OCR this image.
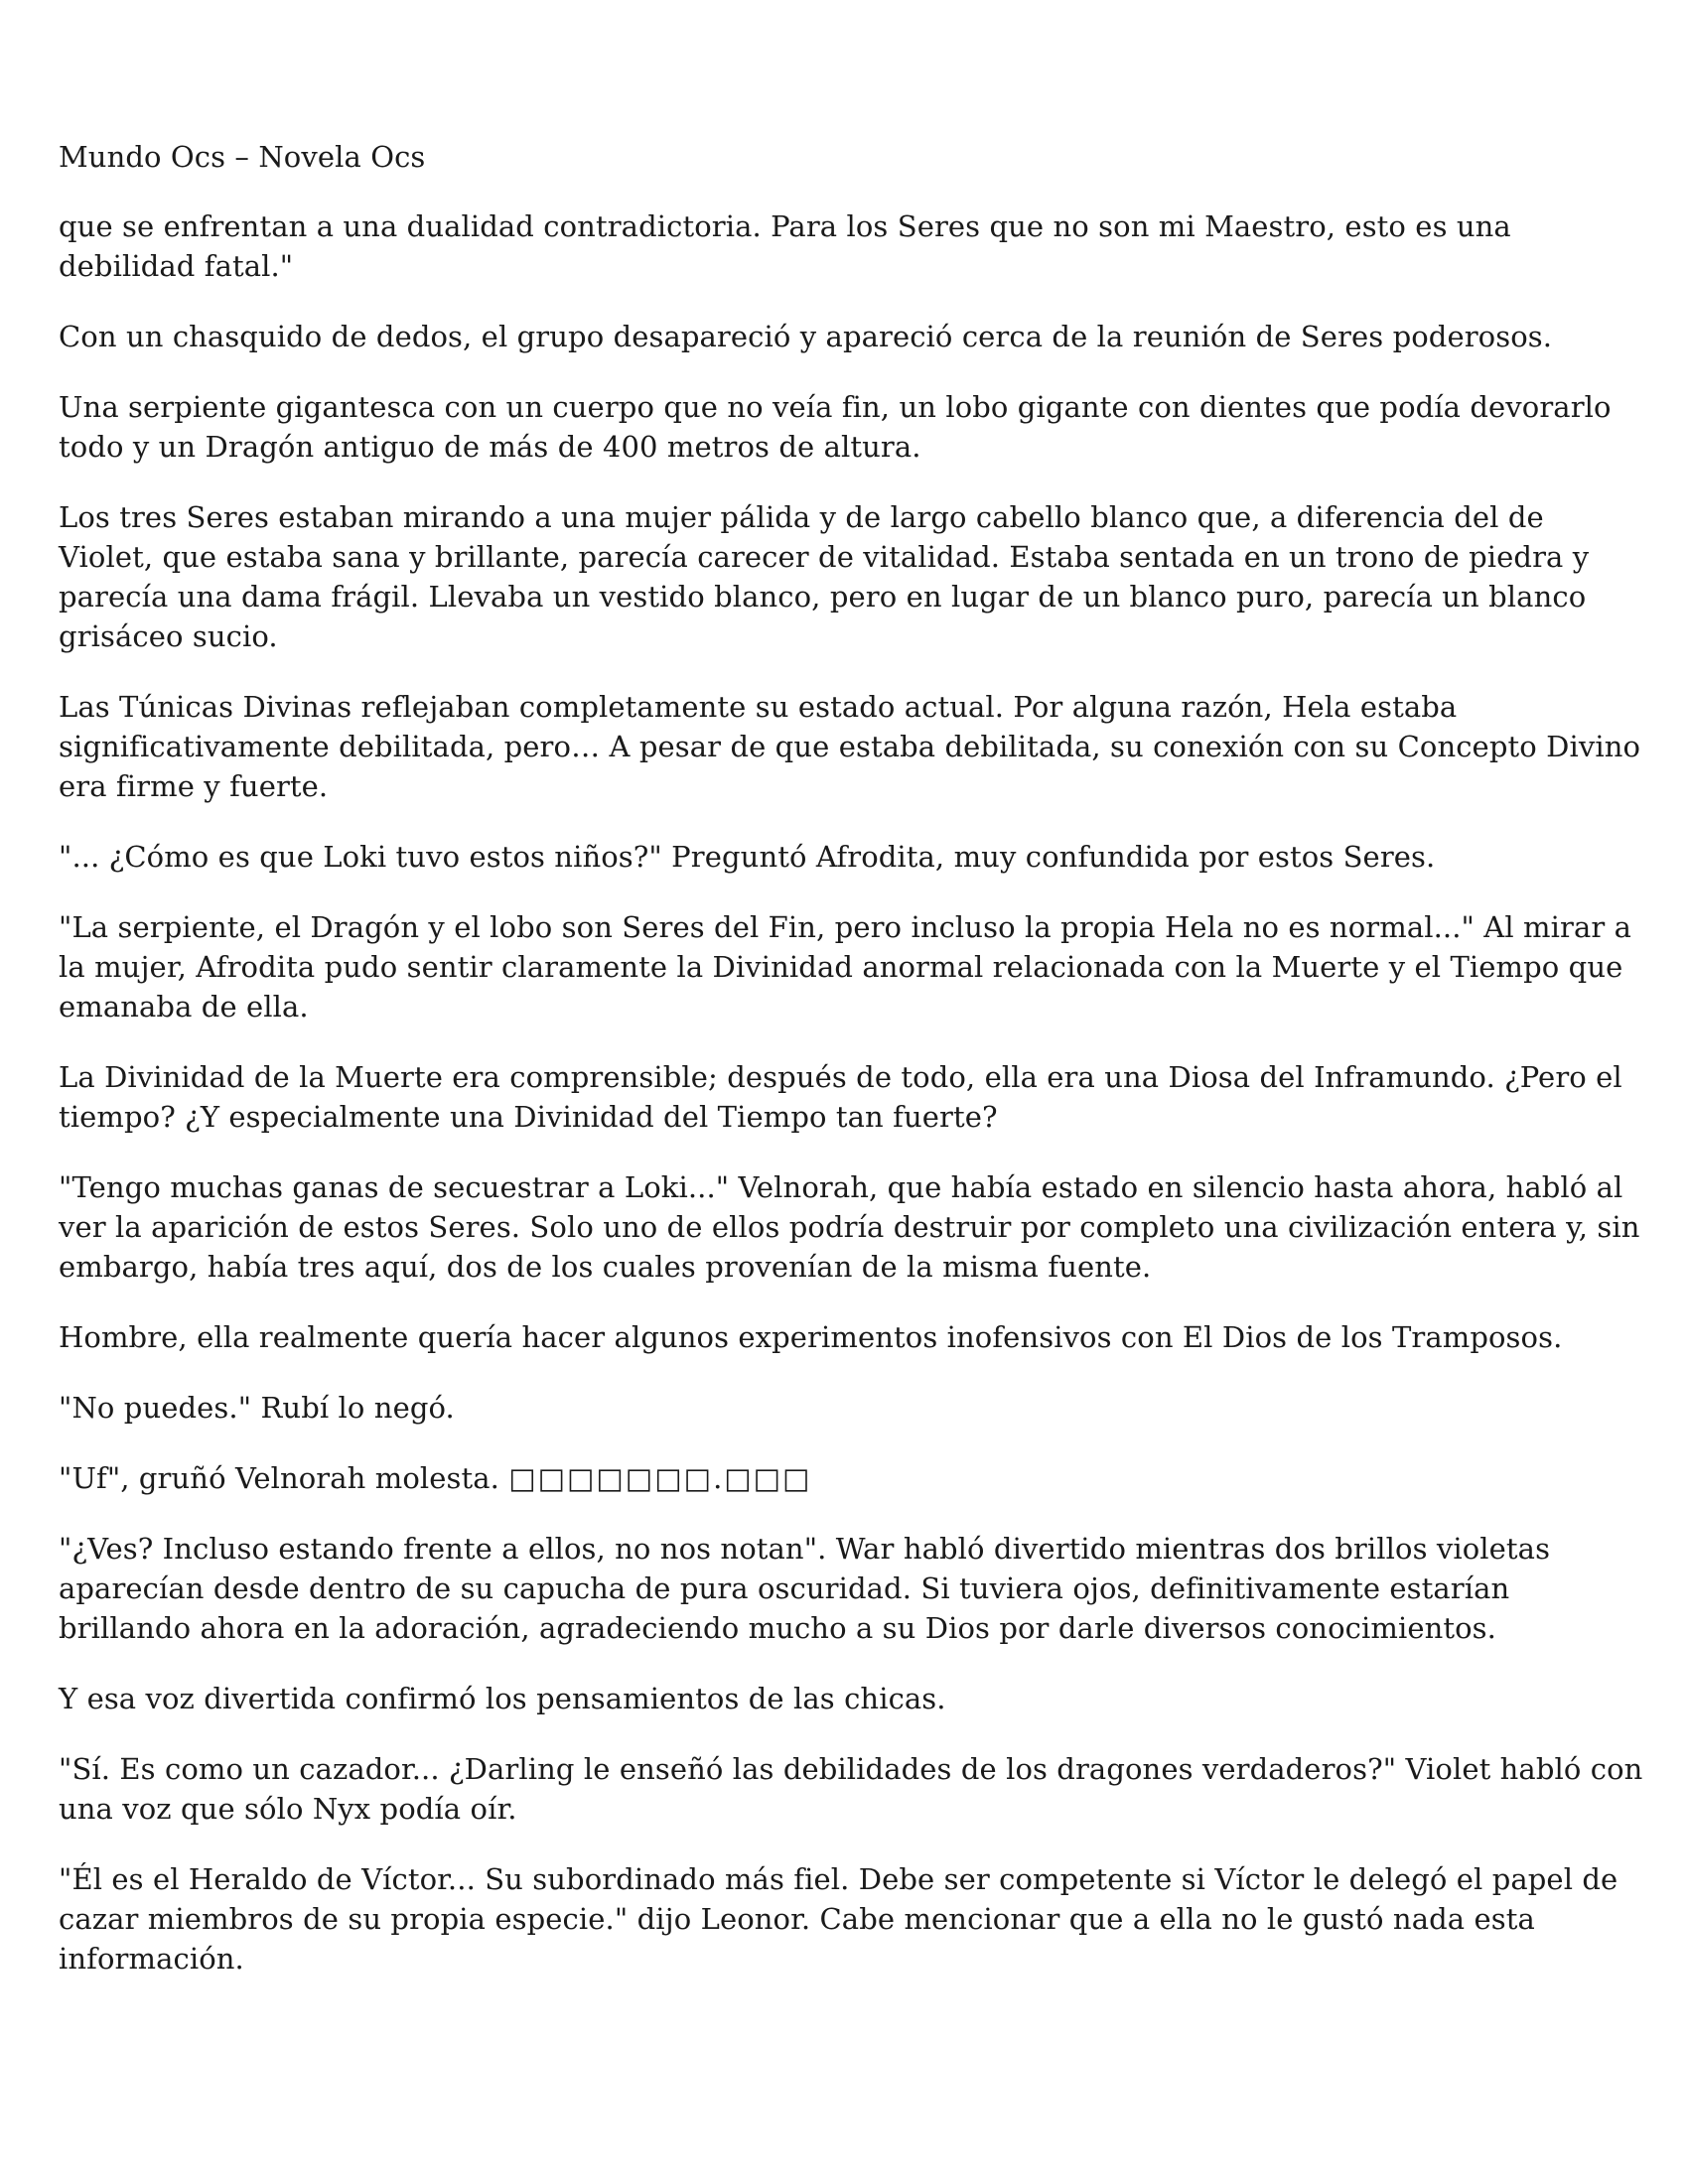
Mundo Ocs – Novela Ocs

que se enfrentan a una dualidad contradictoria. Para los Seres que no son mi Maestro, esto es una debilidad fatal."

Con un chasquido de dedos, el grupo desapareció y apareció cerca de la reunión de Seres poderosos.

Una serpiente gigantesca con un cuerpo que no veía fin, un lobo gigante con dientes que podía devorarlo todo y un Dragón antiguo de más de 400 metros de altura.

Los tres Seres estaban mirando a una mujer pálida y de largo cabello blanco que, a diferencia del de Violet, que estaba sana y brillante, parecía carecer de vitalidad. Estaba sentada en un trono de piedra y parecía una dama frágil. Llevaba un vestido blanco, pero en lugar de un blanco puro, parecía un blanco grisáceo sucio.

Las Túnicas Divinas reflejaban completamente su estado actual. Por alguna razón, Hela estaba significativamente debilitada, pero… A pesar de que estaba debilitada, su conexión con su Concepto Divino era firme y fuerte.

"... ¿Cómo es que Loki tuvo estos niños?" Preguntó Afrodita, muy confundida por estos Seres.

"La serpiente, el Dragón y el lobo son Seres del Fin, pero incluso la propia Hela no es normal..." Al mirar a la mujer, Afrodita pudo sentir claramente la Divinidad anormal relacionada con la Muerte y el Tiempo que emanaba de ella.

La Divinidad de la Muerte era comprensible; después de todo, ella era una Diosa del Inframundo. ¿Pero el tiempo? ¿Y especialmente una Divinidad del Tiempo tan fuerte?

"Tengo muchas ganas de secuestrar a Loki..." Velnorah, que había estado en silencio hasta ahora, habló al ver la aparición de estos Seres. Solo uno de ellos podría destruir por completo una civilización entera y, sin embargo, había tres aquí, dos de los cuales provenían de la misma fuente.

Hombre, ella realmente quería hacer algunos experimentos inofensivos con El Dios de los Tramposos.

"No puedes." Rubí lo negó.

"Uf", gruñó Velnorah molesta. □□□□□□□.□□□

"¿Ves? Incluso estando frente a ellos, no nos notan". War habló divertido mientras dos brillos violetas aparecían desde dentro de su capucha de pura oscuridad. Si tuviera ojos, definitivamente estarían brillando ahora en la adoración, agradeciendo mucho a su Dios por darle diversos conocimientos.

Y esa voz divertida confirmó los pensamientos de las chicas.

"Sí. Es como un cazador... ¿Darling le enseñó las debilidades de los dragones verdaderos?" Violet habló con una voz que sólo Nyx podía oír.

"Él es el Heraldo de Víctor... Su subordinado más fiel. Debe ser competente si Víctor le delegó el papel de cazar miembros de su propia especie." dijo Leonor. Cabe mencionar que a ella no le gustó nada esta información.
